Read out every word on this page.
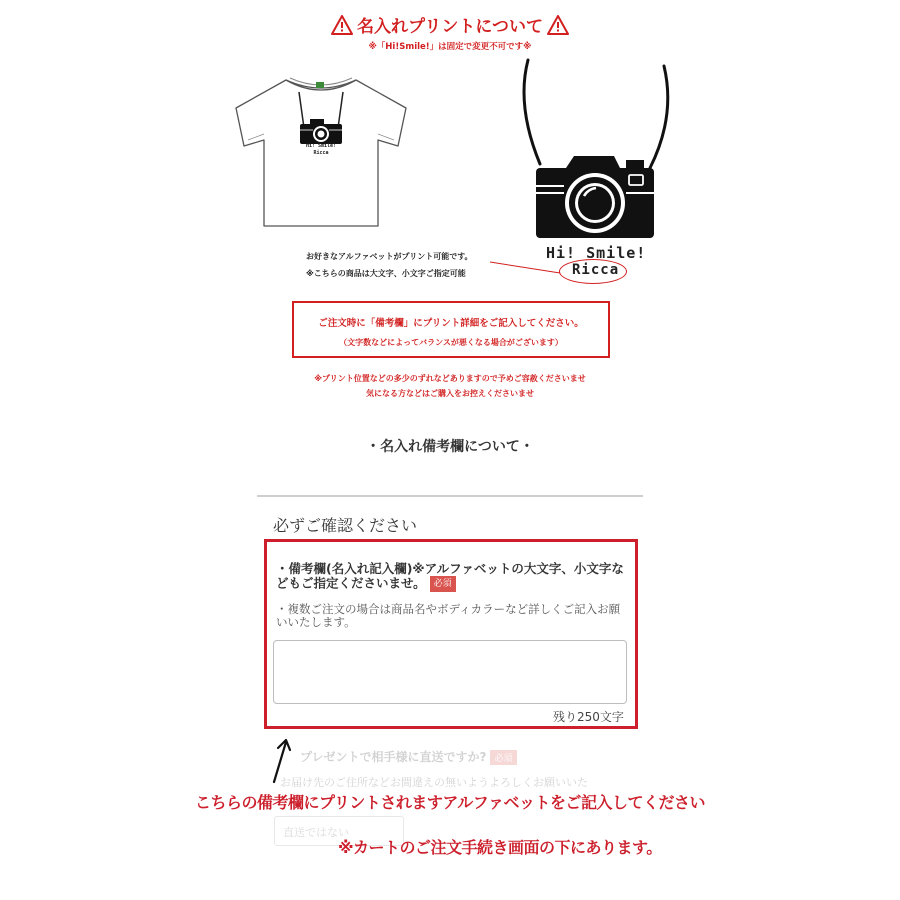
名入れプリントについて
※「Hi!Smile!」は固定で変更不可です※
Hi! Smile!
Ricca
Hi! Smile!
Ricca
お好きなアルファベットがプリント可能です。
※こちらの商品は大文字、小文字ご指定可能
ご注文時に「備考欄」にプリント詳細をご記入してください。
（文字数などによってバランスが悪くなる場合がございます）
※プリント位置などの多少のずれなどありますので予めご容赦くださいませ
気になる方などはご購入をお控えくださいませ
・名入れ備考欄について・
必ずご確認ください
・備考欄(名入れ記入欄)※アルファベットの大文字、小文字などもご指定くださいませ。 必須
・複数ご注文の場合は商品名やボディカラーなど詳しくご記入お願いいたします。
残り250文字
プレゼントで相手様に直送ですか? 必須
お届け先のご住所などお間違えの無いようよろしくお願いいた
直送ではない
こちらの備考欄にプリントされますアルファベットをご記入してください
※カートのご注文手続き画面の下にあります。
